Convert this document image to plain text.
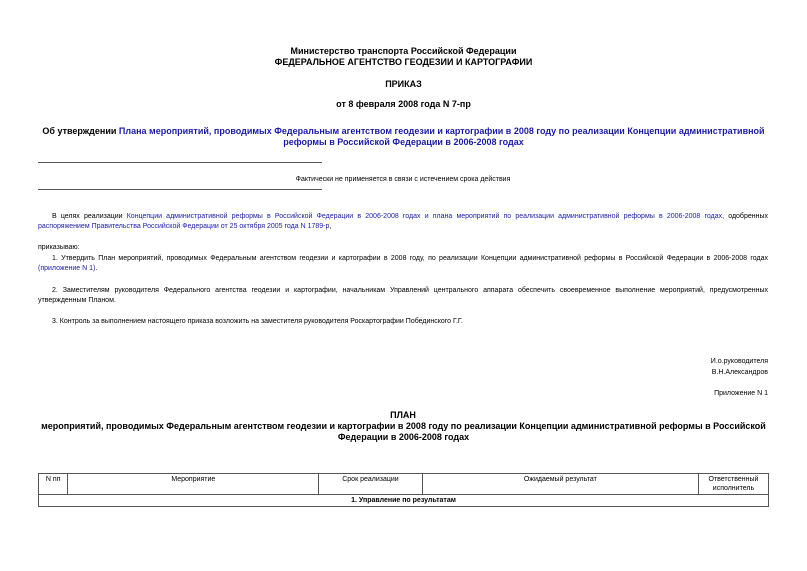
Министерство транспорта Российской Федерации
ФЕДЕРАЛЬНОЕ АГЕНТСТВО ГЕОДЕЗИИ И КАРТОГРАФИИ
ПРИКАЗ
от 8 февраля 2008 года N 7-пр
Об утверждении Плана мероприятий, проводимых Федеральным агентством геодезии и картографии в 2008 году по реализации Концепции административной реформы в Российской Федерации в 2006-2008 годах
Фактически не применяется в связи с истечением срока действия
В целях реализации Концепции административной реформы в Российской Федерации в 2006-2008 годах и плана мероприятий по реализации административной реформы в 2006-2008 годах, одобренных распоряжением Правительства Российской Федерации от 25 октября 2005 года N 1789-р,
приказываю:
1. Утвердить План мероприятий, проводимых Федеральным агентством геодезии и картографии в 2008 году, по реализации Концепции административной реформы в Российской Федерации в 2006-2008 годах (приложение N 1).
2. Заместителям руководителя Федерального агентства геодезии и картографии, начальникам Управлений центрального аппарата обеспечить своевременное выполнение мероприятий, предусмотренных утвержденным Планом.
3. Контроль за выполнением настоящего приказа возложить на заместителя руководителя Роскартографии Побединского Г.Г.
И.о.руководителя
В.Н.Александров
Приложение N 1
ПЛАН
мероприятий, проводимых Федеральным агентством геодезии и картографии в 2008 году по реализации Концепции административной реформы в Российской Федерации в 2006-2008 годах
N пп	Мероприятие	Срок реализации	Ожидаемый результат	Ответственный исполнитель
1. Управление по результатам
